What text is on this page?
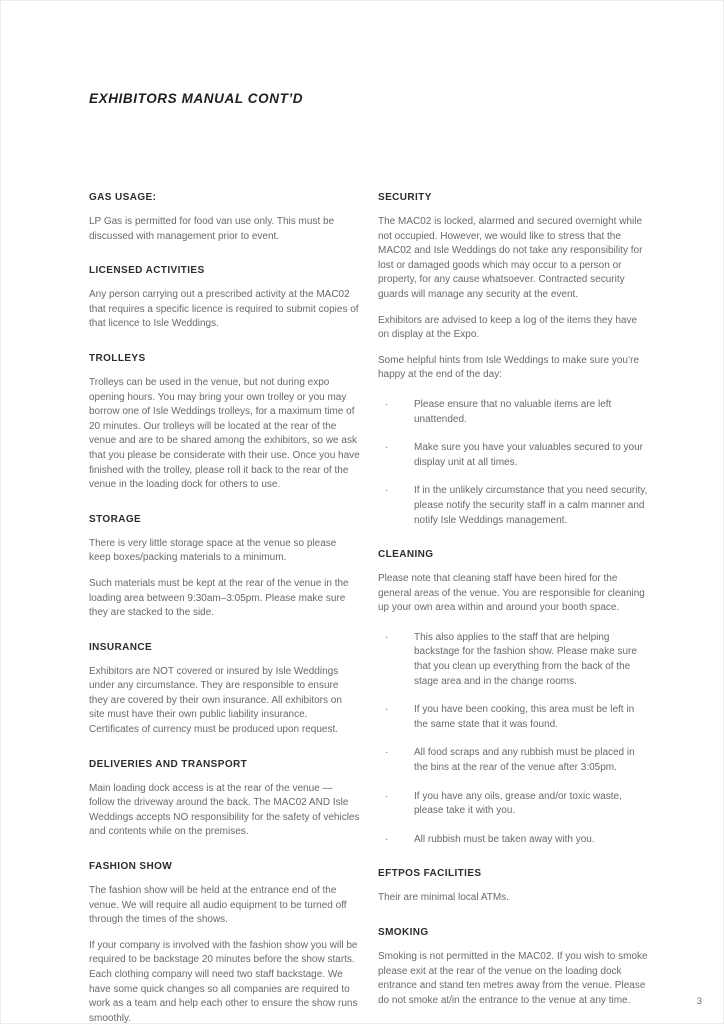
EXHIBITORS MANUAL CONT’D
GAS USAGE:

LP Gas is permitted for food van use only. This must be discussed with management prior to event.

LICENSED ACTIVITIES

Any person carrying out a prescribed activity at the MAC02 that requires a specific licence is required to submit copies of that licence to Isle Weddings.

TROLLEYS

Trolleys can be used in the venue, but not during expo opening hours. You may bring your own trolley or you may borrow one of Isle Weddings trolleys, for a maximum time of 20 minutes. Our trolleys will be located at the rear of the venue and are to be shared among the exhibitors, so we ask that you please be considerate with their use. Once you have finished with the trolley, please roll it back to the rear of the venue in the loading dock for others to use.

STORAGE

There is very little storage space at the venue so please keep boxes/packing materials to a minimum.

Such materials must be kept at the rear of the venue in the loading area between 9:30am–3:05pm. Please make sure they are stacked to the side.

INSURANCE

Exhibitors are NOT covered or insured by Isle Weddings under any circumstance. They are responsible to ensure they are covered by their own insurance. All exhibitors on site must have their own public liability insurance. Certificates of currency must be produced upon request.

DELIVERIES AND TRANSPORT

Main loading dock access is at the rear of the venue — follow the driveway around the back. The MAC02 AND Isle Weddings accepts NO responsibility for the safety of vehicles and contents while on the premises.

FASHION SHOW

The fashion show will be held at the entrance end of the venue. We will require all audio equipment to be turned off through the times of the shows.

If your company is involved with the fashion show you will be required to be backstage 20 minutes before the show starts. Each clothing company will need two staff backstage. We have some quick changes so all companies are required to work as a team and help each other to ensure the show runs smoothly.

SECURITY

The MAC02 is locked, alarmed and secured overnight while not occupied. However, we would like to stress that the MAC02 and Isle Weddings do not take any responsibility for lost or damaged goods which may occur to a person or property, for any cause whatsoever. Contracted security guards will manage any security at the event.

Exhibitors are advised to keep a log of the items they have on display at the Expo.

Some helpful hints from Isle Weddings to make sure you’re happy at the end of the day:

·	Please ensure that no valuable items are left unattended.
·	Make sure you have your valuables secured to your display unit at all times.
·	If in the unlikely circumstance that you need security, please notify the security staff in a calm manner and notify Isle Weddings management.
CLEANING

Please note that cleaning staff have been hired for the general areas of the venue. You are responsible for cleaning up your own area within and around your booth space.

·	This also applies to the staff that are helping backstage for the fashion show. Please make sure that you clean up everything from the back of the stage area and in the change rooms.
·	If you have been cooking, this area must be left in the same state that it was found.
·	All food scraps and any rubbish must be placed in the bins at the rear of the venue after 3:05pm.
·	If you have any oils, grease and/or toxic waste, please take it with you.
·	All rubbish must be taken away with you.
EFTPOS FACILITIES

Their are minimal local ATMs.

SMOKING

Smoking is not permitted in the MAC02. If you wish to smoke please exit at the rear of the venue on the loading dock entrance and stand ten metres away from the venue. Please do not smoke at/in the entrance to the venue at any time.	3
